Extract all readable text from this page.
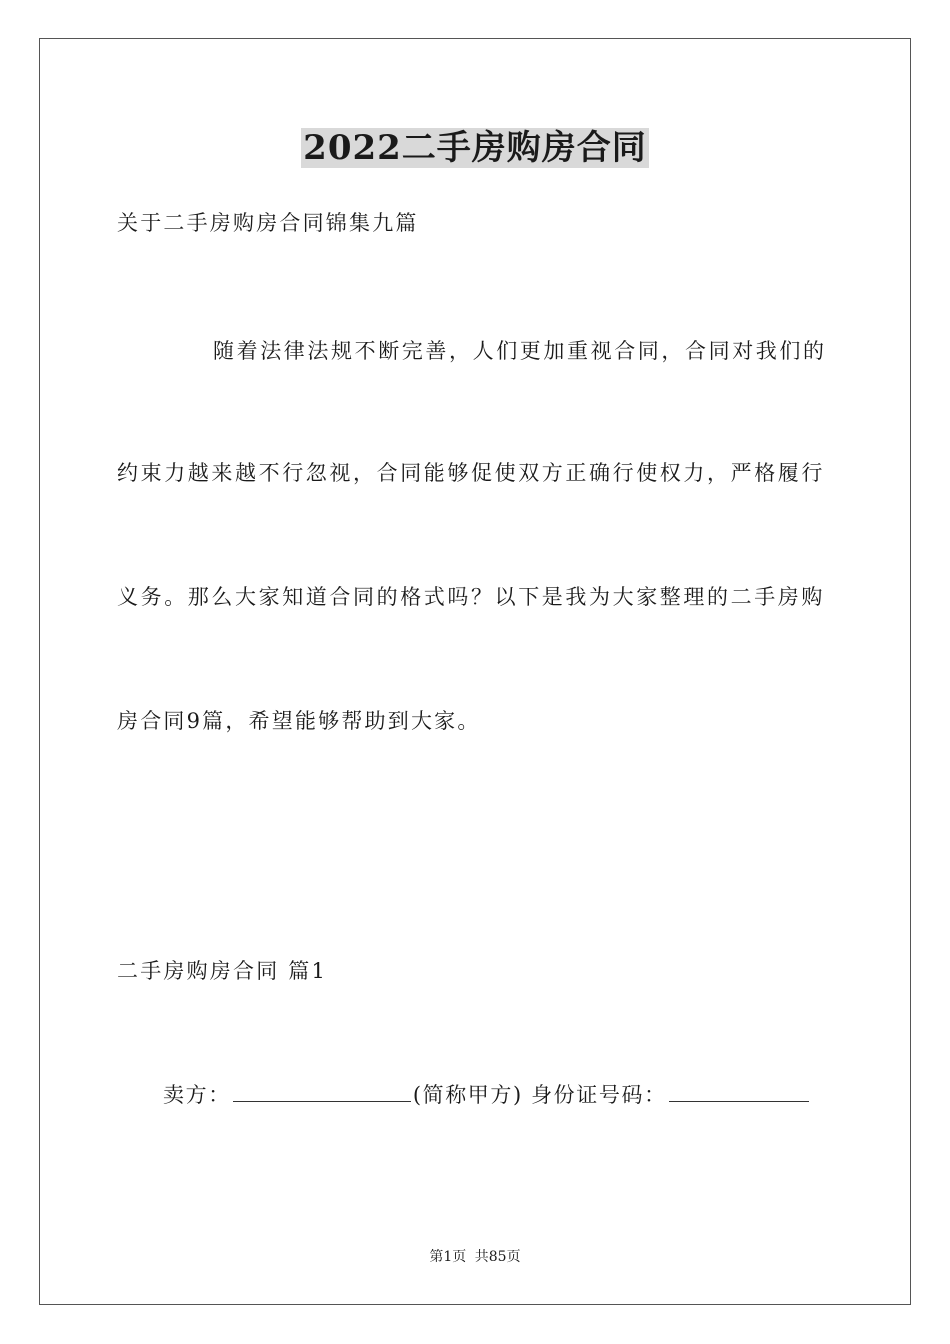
2022二手房购房合同
关于二手房购房合同锦集九篇
随着法律法规不断完善，人们更加重视合同，合同对我们的
约束力越来越不行忽视，合同能够促使双方正确行使权力，严格履行
义务。那么大家知道合同的格式吗？以下是我为大家整理的二手房购
房合同9篇，希望能够帮助到大家。
二手房购房合同 篇1
卖方：	(简称甲方) 身份证号码：
第1页 共85页
